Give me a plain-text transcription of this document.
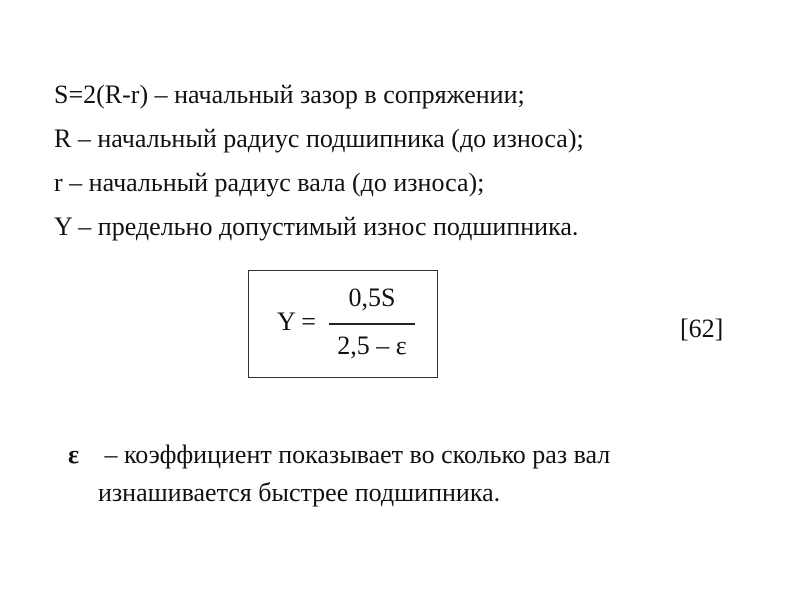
S=2(R-r) – начальный зазор в сопряжении;
R – начальный радиус подшипника (до износа);
r – начальный радиус вала (до износа);
Y – предельно допустимый износ подшипника.
Y =
0,5S
2,5 – ε
[62]
ε – коэффициент показывает во сколько раз вал
изнашивается быстрее подшипника.
